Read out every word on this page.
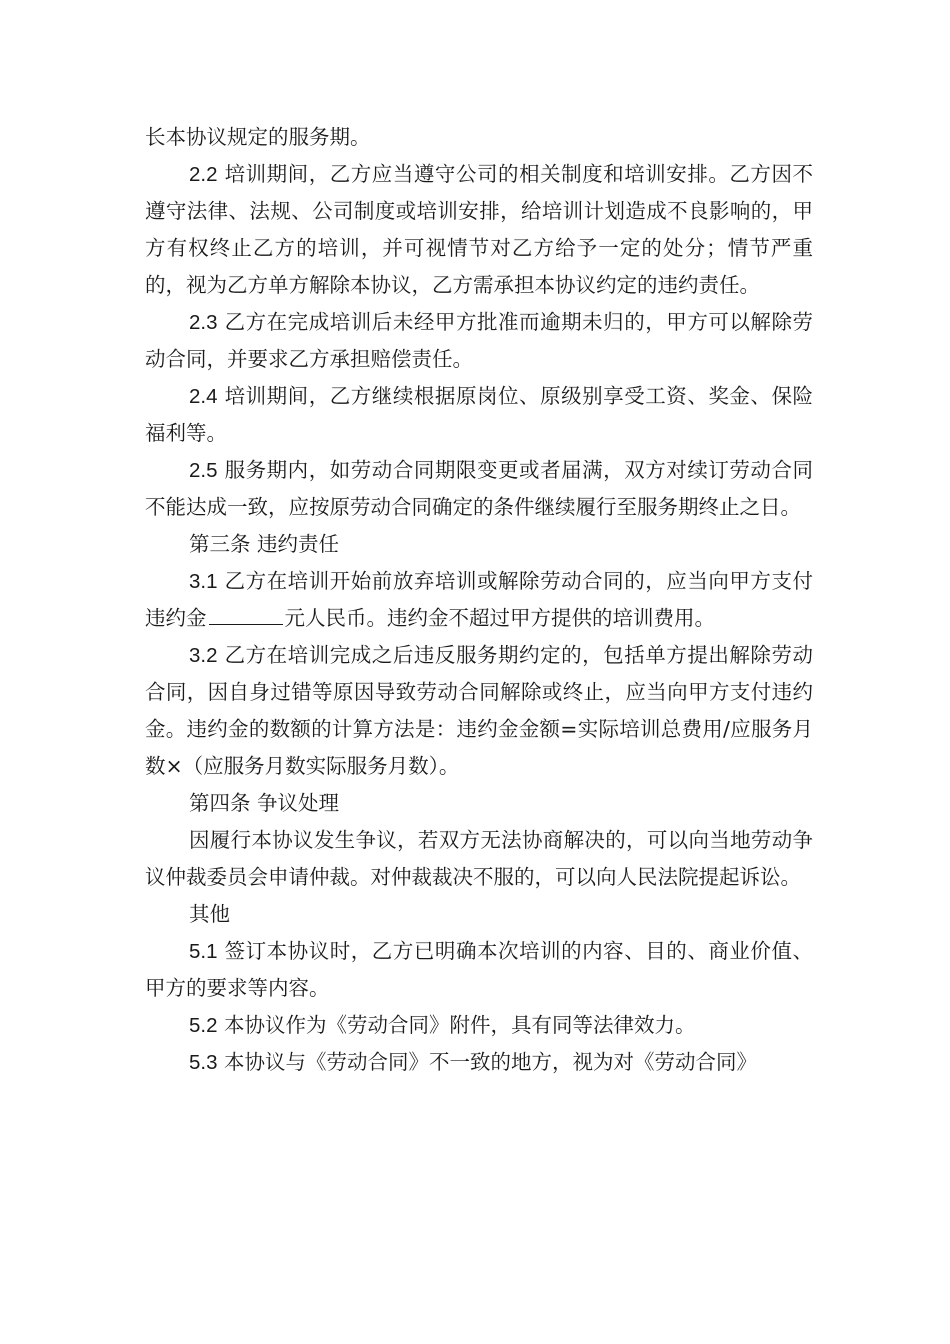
长本协议规定的服务期。

2.2 培训期间，乙方应当遵守公司的相关制度和培训安排。乙方因不遵守法律、法规、公司制度或培训安排，给培训计划造成不良影响的，甲方有权终止乙方的培训，并可视情节对乙方给予一定的处分；情节严重的，视为乙方单方解除本协议，乙方需承担本协议约定的违约责任。

2.3 乙方在完成培训后未经甲方批准而逾期未归的，甲方可以解除劳动合同，并要求乙方承担赔偿责任。

2.4 培训期间，乙方继续根据原岗位、原级别享受工资、奖金、保险福利等。

2.5 服务期内，如劳动合同期限变更或者届满，双方对续订劳动合同不能达成一致，应按原劳动合同确定的条件继续履行至服务期终止之日。

第三条 违约责任

3.1 乙方在培训开始前放弃培训或解除劳动合同的，应当向甲方支付违约金	元人民币。违约金不超过甲方提供的培训费用。

3.2 乙方在培训完成之后违反服务期约定的，包括单方提出解除劳动合同，因自身过错等原因导致劳动合同解除或终止，应当向甲方支付违约金。违约金的数额的计算方法是：违约金金额=实际培训总费用/应服务月数×（应服务月数实际服务月数）。

第四条 争议处理

因履行本协议发生争议，若双方无法协商解决的，可以向当地劳动争议仲裁委员会申请仲裁。对仲裁裁决不服的，可以向人民法院提起诉讼。

其他

5.1 签订本协议时，乙方已明确本次培训的内容、目的、商业价值、甲方的要求等内容。

5.2 本协议作为《劳动合同》附件，具有同等法律效力。

5.3 本协议与《劳动合同》不一致的地方，视为对《劳动合同》
